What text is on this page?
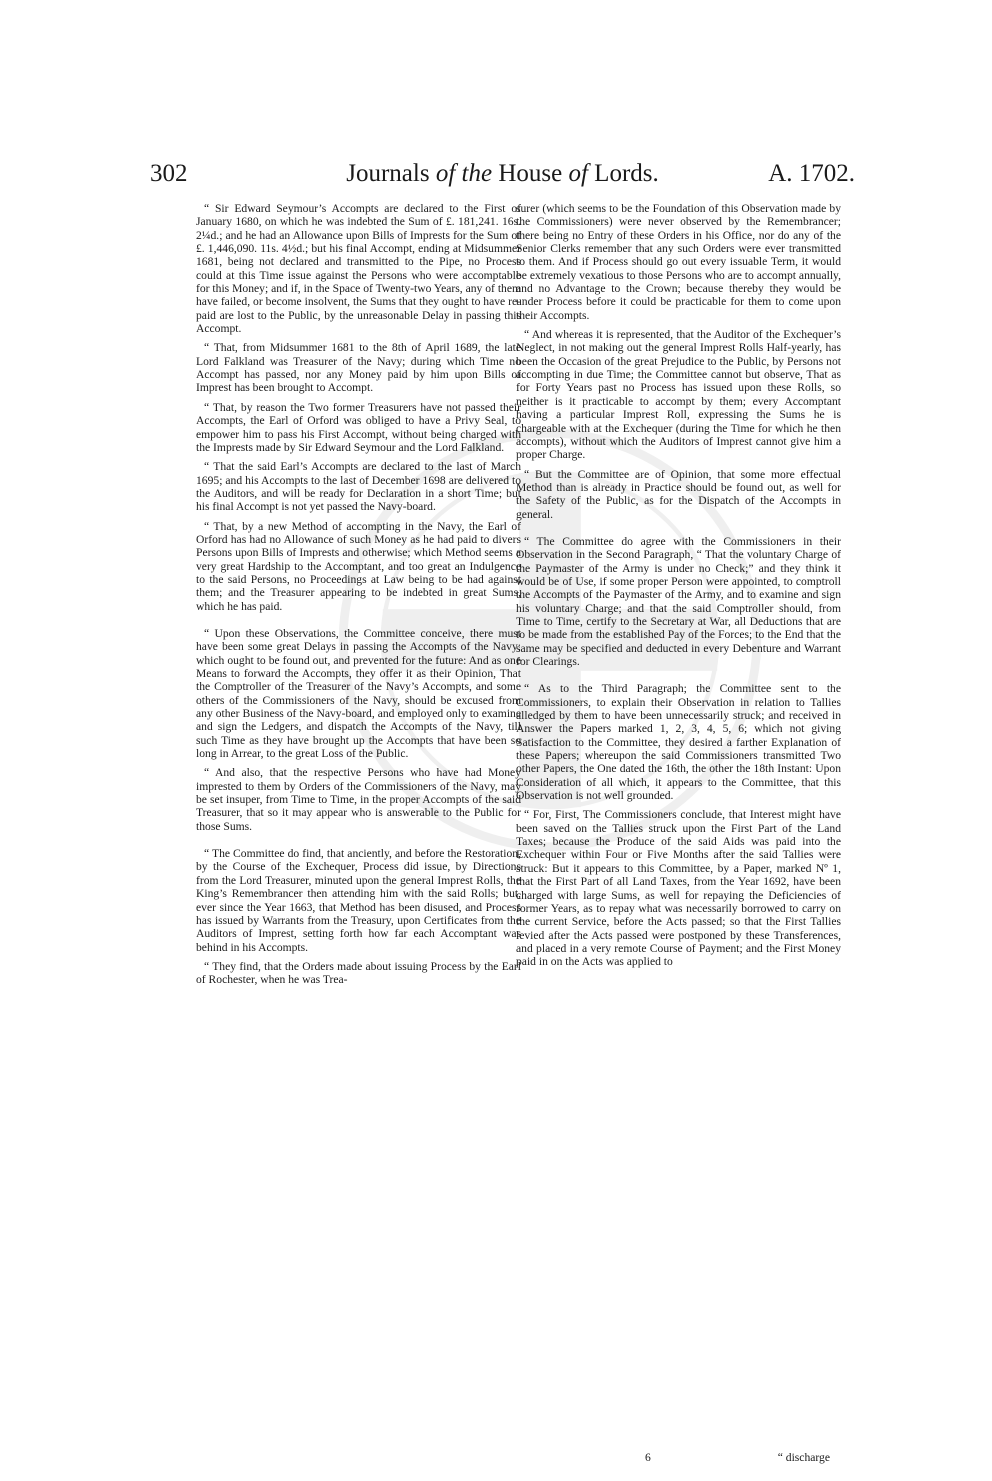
302	Journals of the House of Lords.	A. 1702.

“ Sir Edward Seymour’s Accompts are declared to the First of January 1680, on which he was indebted the Sum of £. 181,241. 16s. 2¼d.; and he had an Allowance upon Bills of Imprests for the Sum of £. 1,446,090. 11s. 4½d.; but his final Accompt, ending at Midsummer 1681, being not declared and transmitted to the Pipe, no Process could at this Time issue against the Persons who were accomptable for this Money; and if, in the Space of Twenty-two Years, any of them have failed, or become insolvent, the Sums that they ought to have re-paid are lost to the Public, by the unreasonable Delay in passing this Accompt.

“ That, from Midsummer 1681 to the 8th of April 1689, the late Lord Falkland was Treasurer of the Navy; during which Time no Accompt has passed, nor any Money paid by him upon Bills of Imprest has been brought to Accompt.

“ That, by reason the Two former Treasurers have not passed their Accompts, the Earl of Orford was obliged to have a Privy Seal, to empower him to pass his First Accompt, without being charged with the Imprests made by Sir Edward Seymour and the Lord Falkland.

“ That the said Earl’s Accompts are declared to the last of March 1695; and his Accompts to the last of December 1698 are delivered to the Auditors, and will be ready for Declaration in a short Time; but his final Accompt is not yet passed the Navy-board.

“ That, by a new Method of accompting in the Navy, the Earl of Orford has had no Allowance of such Money as he had paid to divers Persons upon Bills of Imprests and otherwise; which Method seems a very great Hardship to the Accomptant, and too great an Indulgence to the said Persons, no Proceedings at Law being to be had against them; and the Treasurer appearing to be indebted in great Sums, which he has paid.

“ Upon these Observations, the Committee conceive, there must have been some great Delays in passing the Accompts of the Navy; which ought to be found out, and prevented for the future: And as one Means to forward the Accompts, they offer it as their Opinion, That the Comptroller of the Treasurer of the Navy’s Accompts, and some others of the Commissioners of the Navy, should be excused from any other Business of the Navy-board, and employed only to examine and sign the Ledgers, and dispatch the Accompts of the Navy, till such Time as they have brought up the Accompts that have been so long in Arrear, to the great Loss of the Public.

“ And also, that the respective Persons who have had Money imprested to them by Orders of the Commissioners of the Navy, may be set insuper, from Time to Time, in the proper Accompts of the said Treasurer, that so it may appear who is answerable to the Public for those Sums.

“ The Committee do find, that anciently, and before the Restoration, by the Course of the Exchequer, Process did issue, by Directions from the Lord Treasurer, minuted upon the general Imprest Rolls, the King’s Remembrancer then attending him with the said Rolls; but, ever since the Year 1663, that Method has been disused, and Process has issued by Warrants from the Treasury, upon Certificates from the Auditors of Imprest, setting forth how far each Accomptant was behind in his Accompts.

“ They find, that the Orders made about issuing Process by the Earl of Rochester, when he was Trea-

surer (which seems to be the Foundation of this Observation made by the Commissioners) were never observed by the Remembrancer; there being no Entry of these Orders in his Office, nor do any of the Senior Clerks remember that any such Orders were ever transmitted to them. And if Process should go out every issuable Term, it would be extremely vexatious to those Persons who are to accompt annually, and no Advantage to the Crown; because thereby they would be under Process before it could be practicable for them to come upon their Accompts.

“ And whereas it is represented, that the Auditor of the Exchequer’s Neglect, in not making out the general Imprest Rolls Half-yearly, has been the Occasion of the great Prejudice to the Public, by Persons not accompting in due Time; the Committee cannot but observe, That as for Forty Years past no Process has issued upon these Rolls, so neither is it practicable to accompt by them; every Accomptant having a particular Imprest Roll, expressing the Sums he is chargeable with at the Exchequer (during the Time for which he then accompts), without which the Auditors of Imprest cannot give him a proper Charge.

“ But the Committee are of Opinion, that some more effectual Method than is already in Practice should be found out, as well for the Safety of the Public, as for the Dispatch of the Accompts in general.

“ The Committee do agree with the Commissioners in their Observation in the Second Paragraph, “ That the voluntary Charge of the Paymaster of the Army is under no Check;” and they think it would be of Use, if some proper Person were appointed, to comptroll the Accompts of the Paymaster of the Army, and to examine and sign his voluntary Charge; and that the said Comptroller should, from Time to Time, certify to the Secretary at War, all Deductions that are to be made from the established Pay of the Forces; to the End that the same may be specified and deducted in every Debenture and Warrant for Clearings.

“ As to the Third Paragraph; the Committee sent to the Commissioners, to explain their Observation in relation to Tallies alledged by them to have been unnecessarily struck; and received in Answer the Papers marked 1, 2, 3, 4, 5, 6; which not giving Satisfaction to the Committee, they desired a farther Explanation of these Papers; whereupon the said Commissioners transmitted Two other Papers, the One dated the 16th, the other the 18th Instant: Upon Consideration of all which, it appears to the Committee, that this Observation is not well grounded.

“ For, First, The Commissioners conclude, that Interest might have been saved on the Tallies struck upon the First Part of the Land Taxes; because the Produce of the said Aids was paid into the Exchequer within Four or Five Months after the said Tallies were struck: But it appears to this Committee, by a Paper, marked Nº 1, that the First Part of all Land Taxes, from the Year 1692, have been charged with large Sums, as well for repaying the Deficiencies of former Years, as to repay what was necessarily borrowed to carry on the current Service, before the Acts passed; so that the First Tallies levied after the Acts passed were postponed by these Transferences, and placed in a very remote Course of Payment; and the First Money paid in on the Acts was applied to

6	“ discharge
